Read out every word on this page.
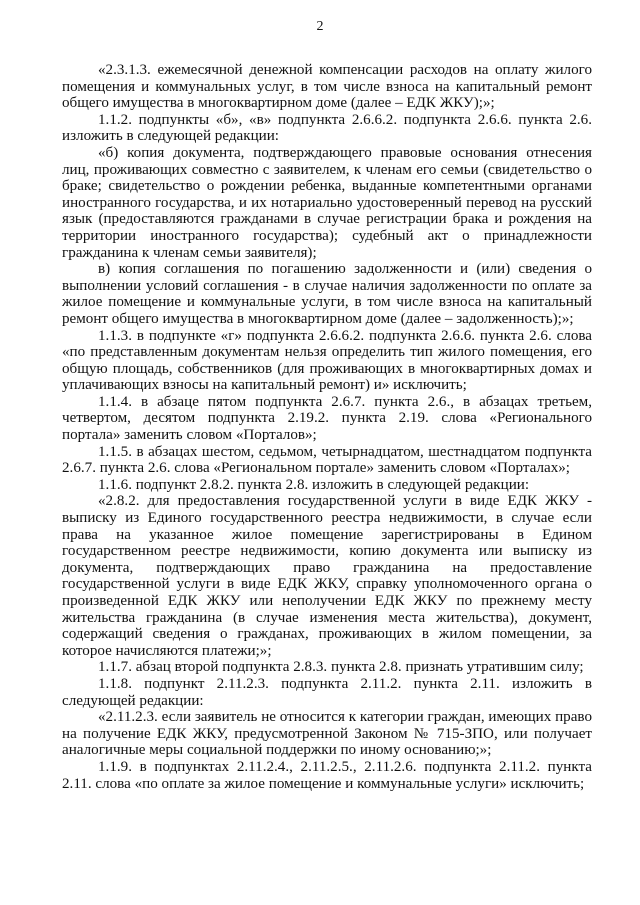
2

«2.3.1.3. ежемесячной денежной компенсации расходов на оплату жилого помещения и коммунальных услуг, в том числе взноса на капитальный ремонт общего имущества в многоквартирном доме (далее – ЕДК ЖКУ);»;

1.1.2. подпункты «б», «в» подпункта 2.6.6.2. подпункта 2.6.6. пункта 2.6. изложить в следующей редакции:

«б) копия документа, подтверждающего правовые основания отнесения лиц, проживающих совместно с заявителем, к членам его семьи (свидетельство о браке; свидетельство о рождении ребенка, выданные компетентными органами иностранного государства, и их нотариально удостоверенный перевод на русский язык (предоставляются гражданами в случае регистрации брака и рождения на территории иностранного государства); судебный акт о принадлежности гражданина к членам семьи заявителя);

в) копия соглашения по погашению задолженности и (или) сведения о выполнении условий соглашения - в случае наличия задолженности по оплате за жилое помещение и коммунальные услуги, в том числе взноса на капитальный ремонт общего имущества в многоквартирном доме (далее – задолженность);»;

1.1.3. в подпункте «г» подпункта 2.6.6.2. подпункта 2.6.6. пункта 2.6. слова «по представленным документам нельзя определить тип жилого помещения, его общую площадь, собственников (для проживающих в многоквартирных домах и уплачивающих взносы на капитальный ремонт) и» исключить;

1.1.4. в абзаце пятом подпункта 2.6.7. пункта 2.6., в абзацах третьем, четвертом, десятом подпункта 2.19.2. пункта 2.19. слова «Регионального портала» заменить словом «Порталов»;

1.1.5. в абзацах шестом, седьмом, четырнадцатом, шестнадцатом подпункта 2.6.7. пункта 2.6. слова «Региональном портале» заменить словом «Порталах»;

1.1.6. подпункт 2.8.2. пункта 2.8. изложить в следующей редакции:

«2.8.2. для предоставления государственной услуги в виде ЕДК ЖКУ - выписку из Единого государственного реестра недвижимости, в случае если права на указанное жилое помещение зарегистрированы в Едином государственном реестре недвижимости, копию документа или выписку из документа, подтверждающих право гражданина на предоставление государственной услуги в виде ЕДК ЖКУ, справку уполномоченного органа о произведенной ЕДК ЖКУ или неполучении ЕДК ЖКУ по прежнему месту жительства гражданина (в случае изменения места жительства), документ, содержащий сведения о гражданах, проживающих в жилом помещении, за которое начисляются платежи;»;

1.1.7. абзац второй подпункта 2.8.3. пункта 2.8. признать утратившим силу;

1.1.8. подпункт 2.11.2.3. подпункта 2.11.2. пункта 2.11. изложить в следующей редакции:

«2.11.2.3. если заявитель не относится к категории граждан, имеющих право на получение ЕДК ЖКУ, предусмотренной Законом № 715-ЗПО, или получает аналогичные меры социальной поддержки по иному основанию;»;

1.1.9. в подпунктах 2.11.2.4., 2.11.2.5., 2.11.2.6. подпункта 2.11.2. пункта 2.11. слова «по оплате за жилое помещение и коммунальные услуги» исключить;
